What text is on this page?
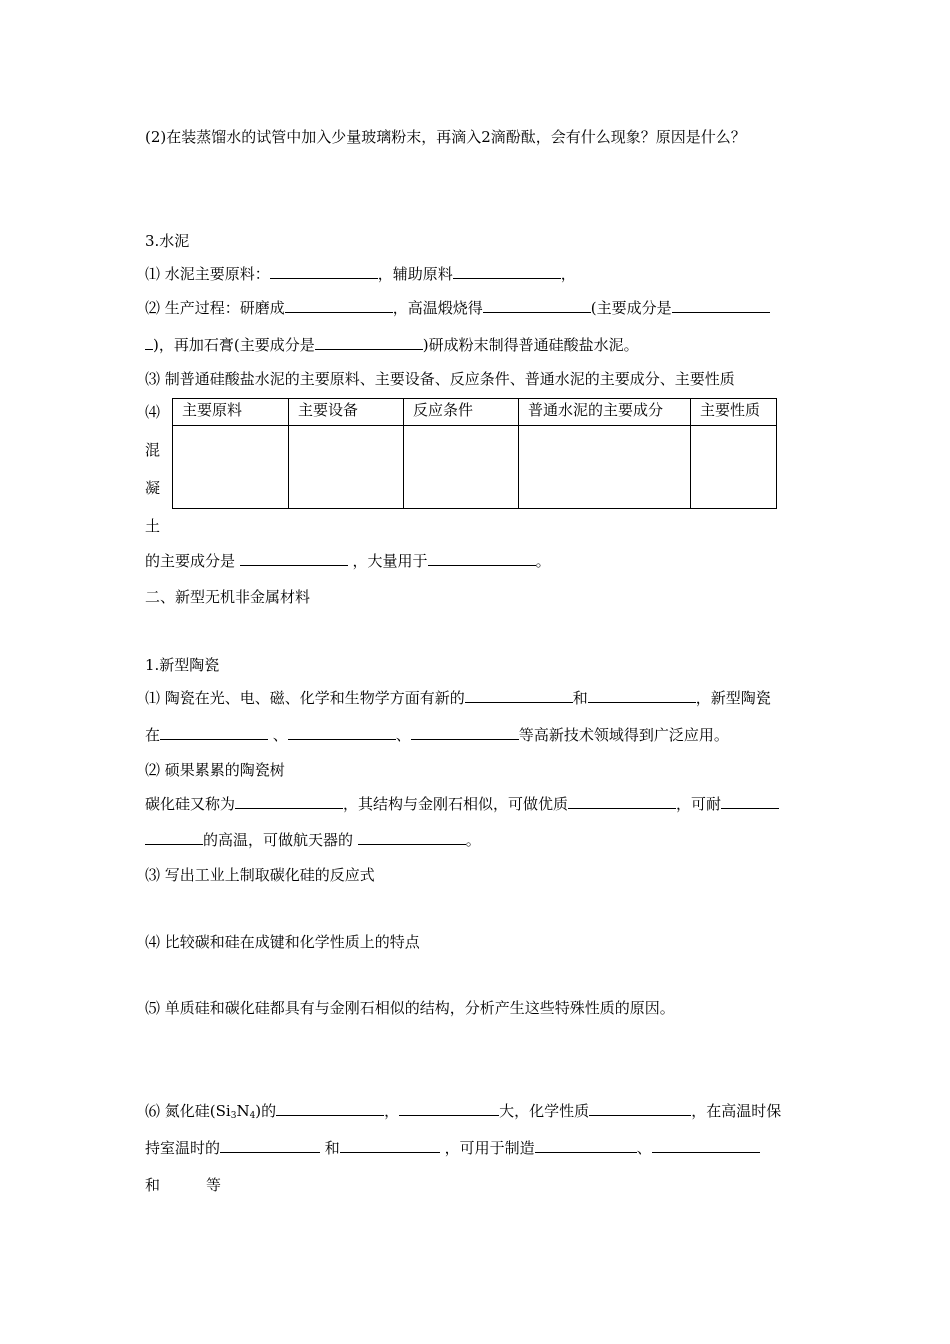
(2)在装蒸馏水的试管中加入少量玻璃粉末，再滴入2滴酚酞，会有什么现象？原因是什么？
3.水泥
⑴ 水泥主要原料：	，辅助原料	，
⑵ 生产过程：研磨成	，高温煅烧得	(主要成分是
)，再加石膏(主要成分是	)研成粉末制得普通硅酸盐水泥。
⑶ 制普通硅酸盐水泥的主要原料、主要设备、反应条件、普通水泥的主要成分、主要性质
⑷
混
凝
土
主要原料	主要设备	反应条件	普通水泥的主要成分	主要性质

的主要成分是	，大量用于	。
二、新型无机非金属材料
1.新型陶瓷
⑴ 陶瓷在光、电、磁、化学和生物学方面有新的	和	，新型陶瓷
在	、	、	等高新技术领域得到广泛应用。
⑵ 硕果累累的陶瓷树
碳化硅又称为	，其结构与金刚石相似，可做优质	，可耐
的高温，可做航天器的	。
⑶ 写出工业上制取碳化硅的反应式
⑷ 比较碳和硅在成键和化学性质上的特点
⑸ 单质硅和碳化硅都具有与金刚石相似的结构，分析产生这些特殊性质的原因。
⑹ 氮化硅$(Si_3N_4)$的	，	大，化学性质	，在高温时保
持室温时的	和	，可用于制造	、
和	等
